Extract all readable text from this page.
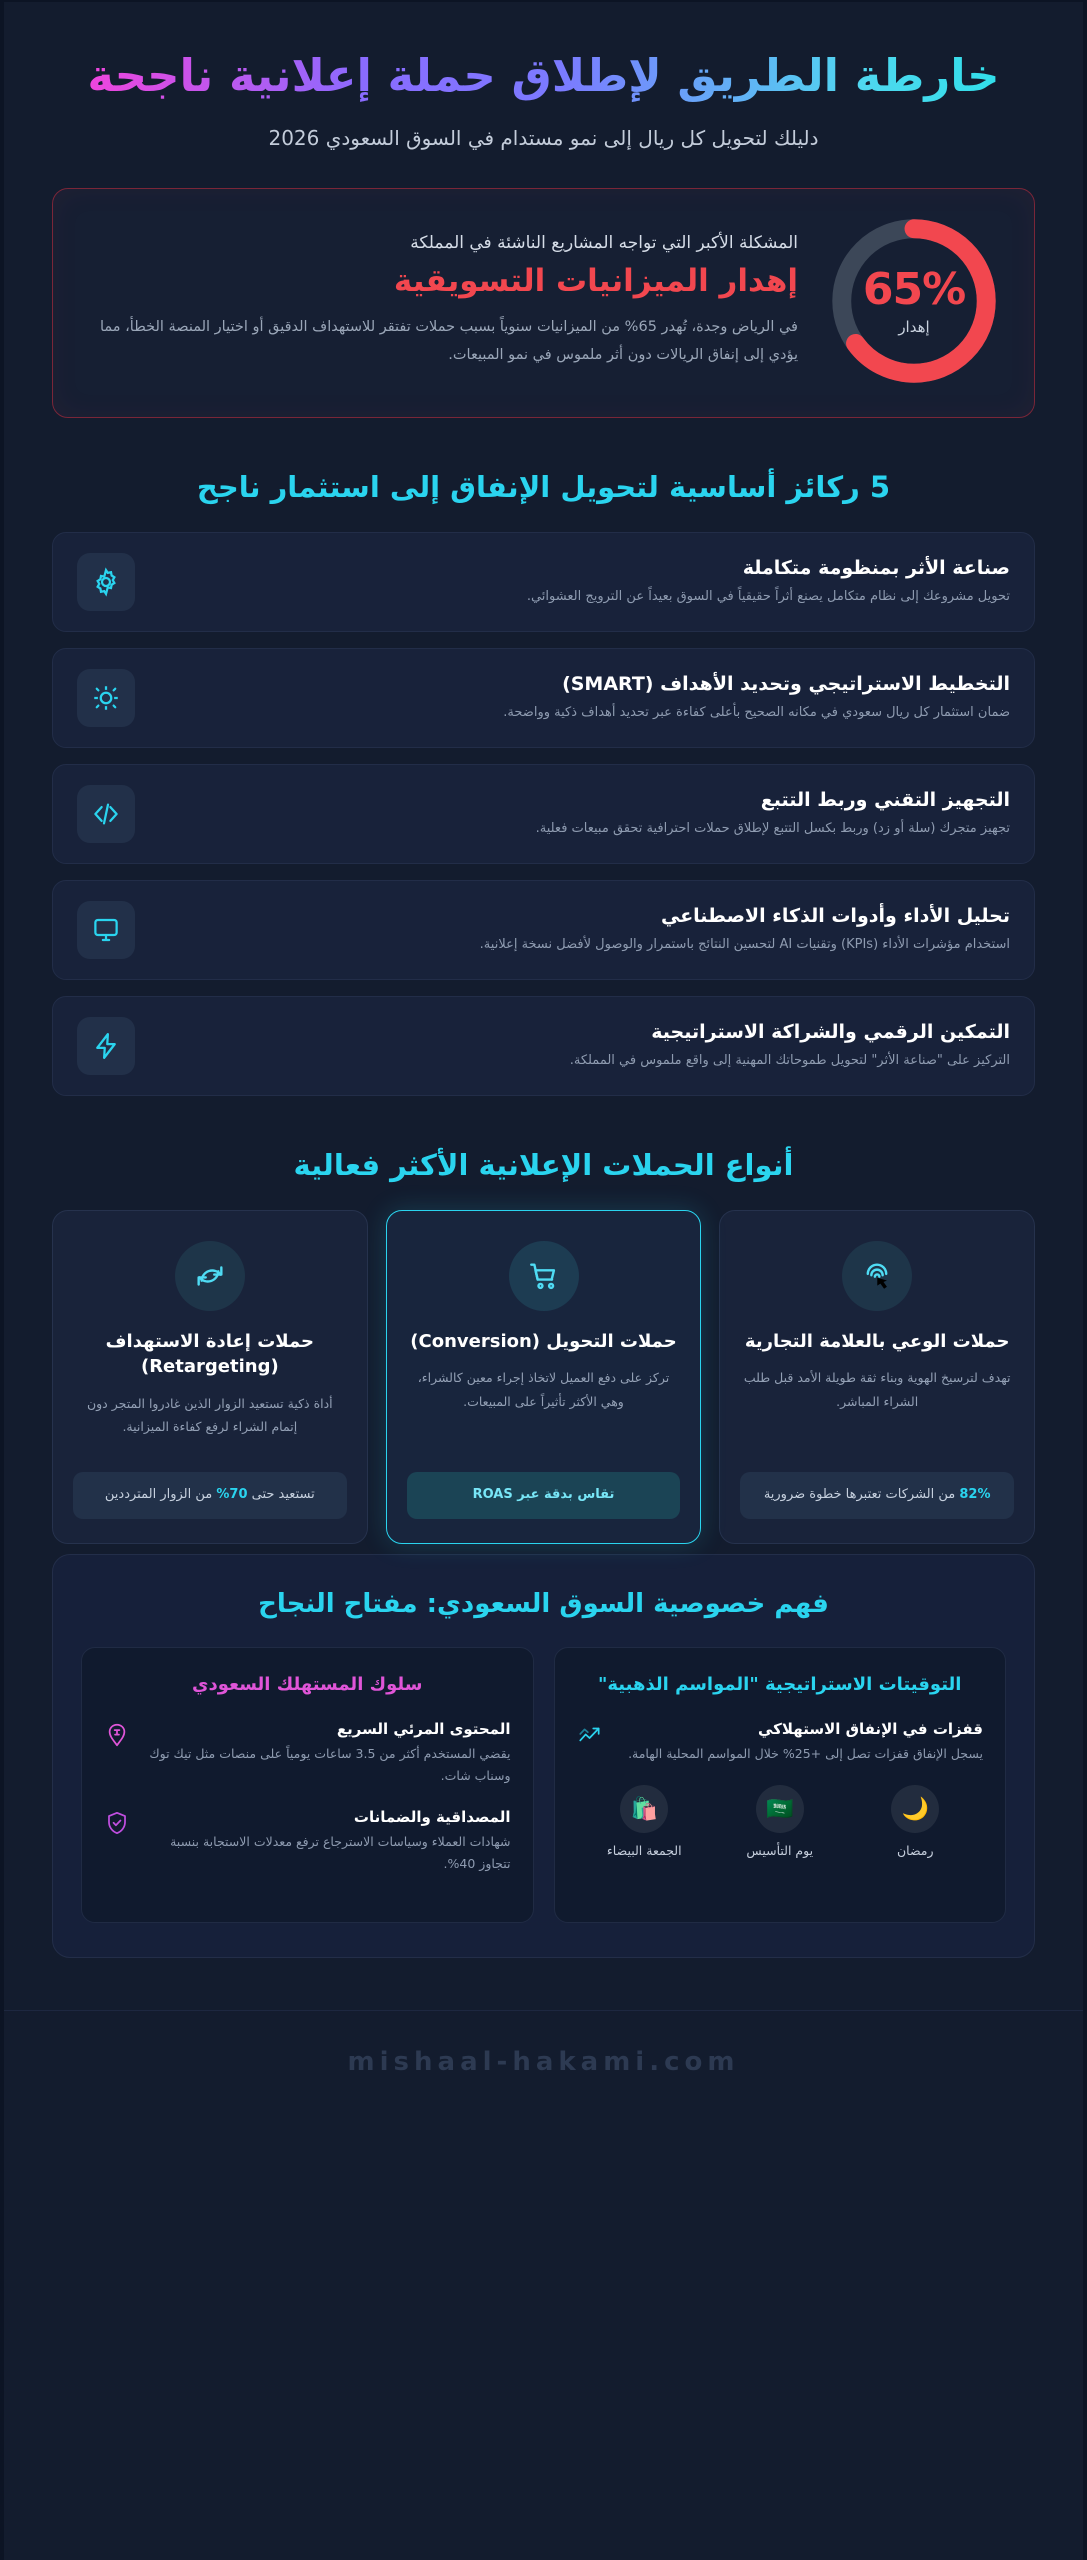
خارطة الطريق لإطلاق حملة إعلانية ناجحة
دليلك لتحويل كل ريال إلى نمو مستدام في السوق السعودي 2026
65%
إهدار
المشكلة الأكبر التي تواجه المشاريع الناشئة في المملكة
إهدار الميزانيات التسويقية
في الرياض وجدة، تُهدر 65% من الميزانيات سنوياً بسبب حملات تفتقر للاستهداف الدقيق أو اختيار المنصة الخطأ، مما يؤدي إلى إنفاق الريالات دون أثر ملموس في نمو المبيعات.
5 ركائز أساسية لتحويل الإنفاق إلى استثمار ناجح
صناعة الأثر بمنظومة متكاملة
تحويل مشروعك إلى نظام متكامل يصنع أثراً حقيقياً في السوق بعيداً عن الترويج العشوائي.
التخطيط الاستراتيجي وتحديد الأهداف (SMART)
ضمان استثمار كل ريال سعودي في مكانه الصحيح بأعلى كفاءة عبر تحديد أهداف ذكية وواضحة.
التجهيز التقني وربط التتبع
تجهيز متجرك (سلة أو زد) وربط بكسل التتبع لإطلاق حملات احترافية تحقق مبيعات فعلية.
تحليل الأداء وأدوات الذكاء الاصطناعي
استخدام مؤشرات الأداء (KPIs) وتقنيات AI لتحسين النتائج باستمرار والوصول لأفضل نسخة إعلانية.
التمكين الرقمي والشراكة الاستراتيجية
التركيز على "صناعة الأثر" لتحويل طموحاتك المهنية إلى واقع ملموس في المملكة.
أنواع الحملات الإعلانية الأكثر فعالية
حملات الوعي بالعلامة التجارية
تهدف لترسيخ الهوية وبناء ثقة طويلة الأمد قبل طلب الشراء المباشر.
82% من الشركات تعتبرها خطوة ضرورية
حملات التحويل (Conversion)
تركز على دفع العميل لاتخاذ إجراء معين كالشراء، وهي الأكثر تأثيراً على المبيعات.
تقاس بدقة عبر ROAS
حملات إعادة الاستهداف (Retargeting)
أداة ذكية تستعيد الزوار الذين غادروا المتجر دون إتمام الشراء لرفع كفاءة الميزانية.
تستعيد حتى 70% من الزوار المترددين
فهم خصوصية السوق السعودي: مفتاح النجاح
التوقيتات الاستراتيجية "المواسم الذهبية"
قفزات في الإنفاق الاستهلاكي
يسجل الإنفاق قفزات تصل إلى +25% خلال المواسم المحلية الهامة.
🌙
رمضان
🇸🇦
يوم التأسيس
🛍️
الجمعة البيضاء
سلوك المستهلك السعودي
المحتوى المرئي السريع
يقضي المستخدم أكثر من 3.5 ساعات يومياً على منصات مثل تيك توك وسناب شات.
المصداقية والضمانات
شهادات العملاء وسياسات الاسترجاع ترفع معدلات الاستجابة بنسبة تتجاوز 40%.
mishaal-hakami.com
